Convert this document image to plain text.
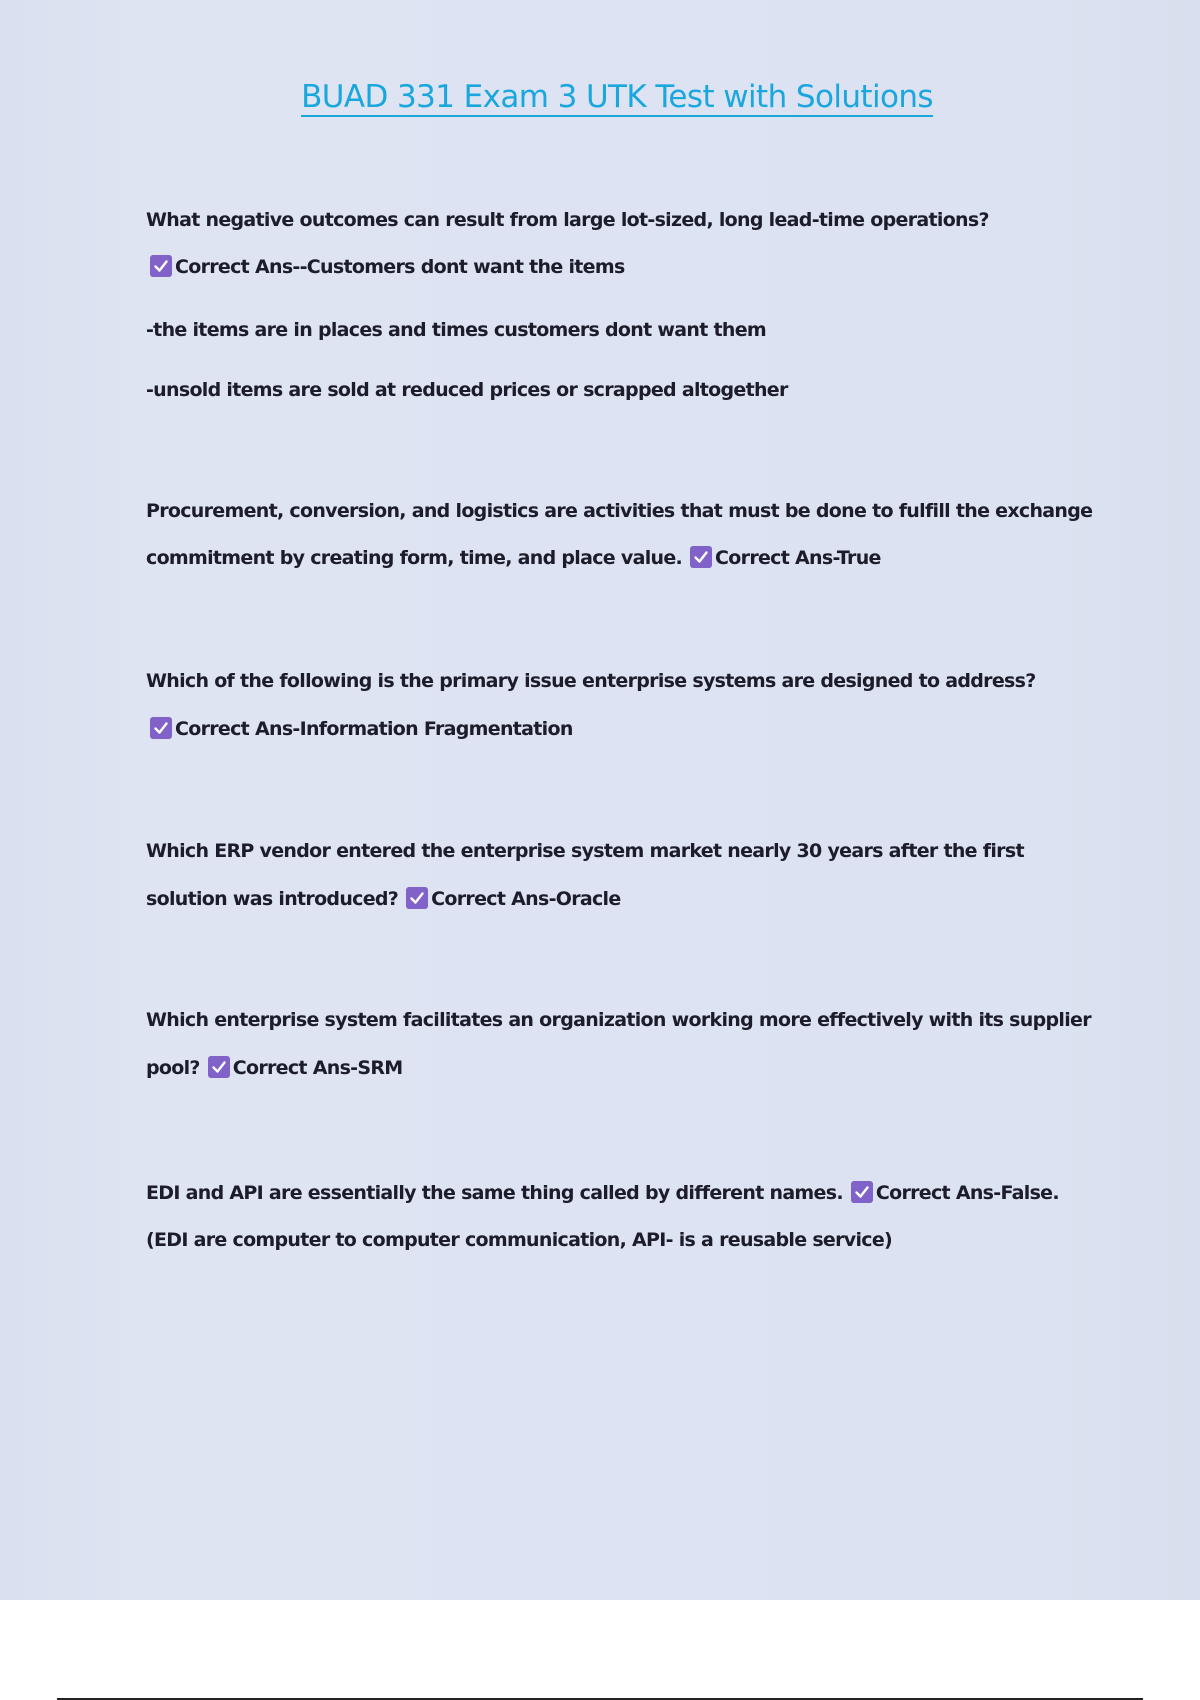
BUAD 331 Exam 3 UTK Test with Solutions

What negative outcomes can result from large lot-sized, long lead-time operations?

Correct Ans--Customers dont want the items

-the items are in places and times customers dont want them

-unsold items are sold at reduced prices or scrapped altogether

Procurement, conversion, and logistics are activities that must be done to fulfill the exchange

commitment by creating form, time, and place value. Correct Ans-True

Which of the following is the primary issue enterprise systems are designed to address?

Correct Ans-Information Fragmentation

Which ERP vendor entered the enterprise system market nearly 30 years after the first

solution was introduced? Correct Ans-Oracle

Which enterprise system facilitates an organization working more effectively with its supplier

pool? Correct Ans-SRM

EDI and API are essentially the same thing called by different names. Correct Ans-False.

(EDI are computer to computer communication, API- is a reusable service)
